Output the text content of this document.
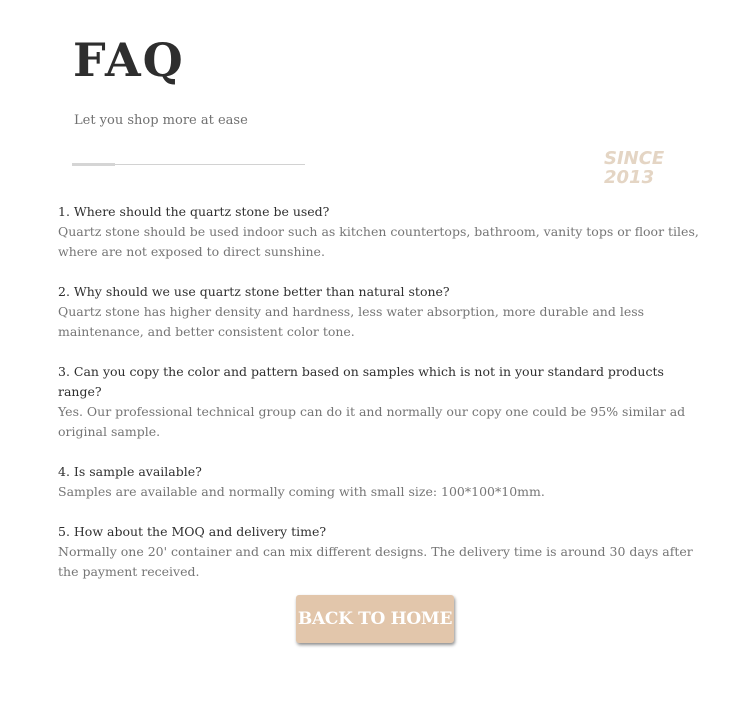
FAQ
Let you shop more at ease
SINCE
2013
1. Where should the quartz stone be used?
Quartz stone should be used indoor such as kitchen countertops, bathroom, vanity tops or floor tiles, where are not exposed to direct sunshine.
2. Why should we use quartz stone better than natural stone?
Quartz stone has higher density and hardness, less water absorption, more durable and less maintenance, and better consistent color tone.
3. Can you copy the color and pattern based on samples which is not in your standard products range?
Yes. Our professional technical group can do it and normally our copy one could be 95% similar ad original sample.
4. Is sample available?
Samples are available and normally coming with small size: 100*100*10mm.
5. How about the MOQ and delivery time?
Normally one 20' container and can mix different designs. The delivery time is around 30 days after the payment received.
BACK TO HOME
